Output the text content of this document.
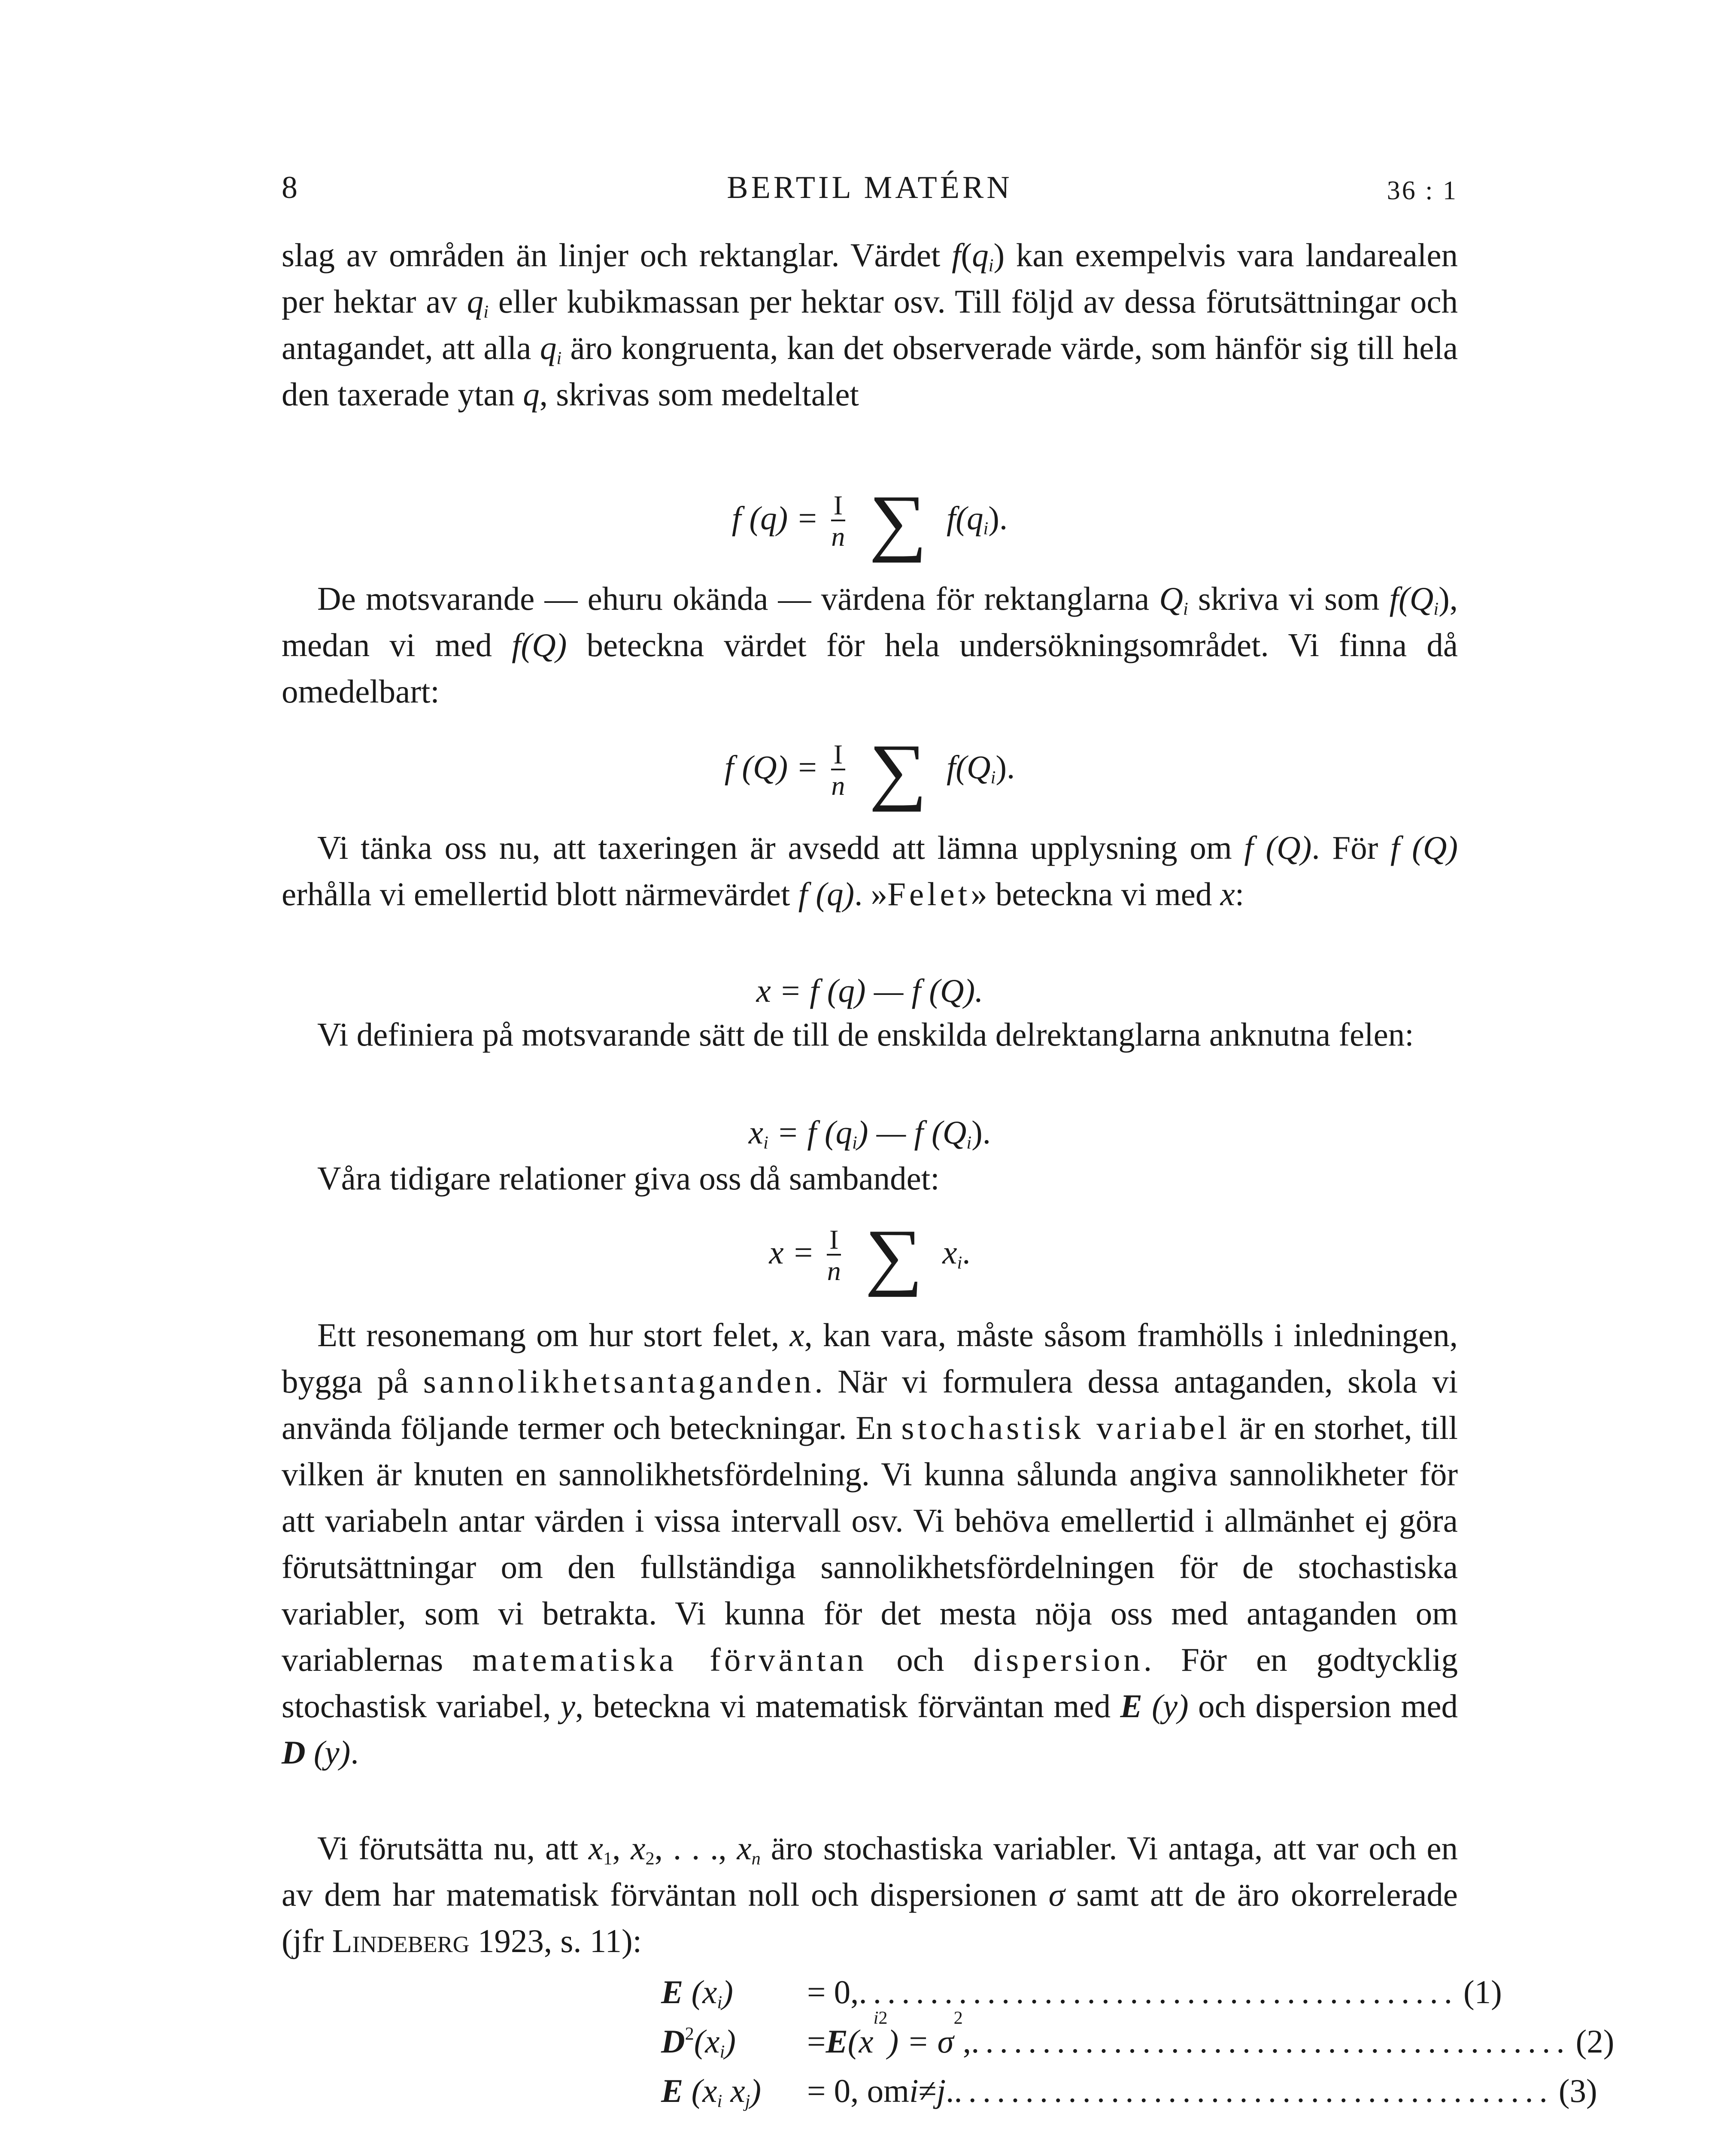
8	BERTIL MATÉRN	36 : 1

slag av områden än linjer och rektanglar. Värdet $f(q_i)$ kan exempelvis vara landarealen per hektar av $q_i$ eller kubikmassan per hektar osv. Till följd av dessa förutsättningar och antagandet, att alla $q_i$ äro kongruenta, kan det observerade värde, som hänför sig till hela den taxerade ytan q, skrivas som medeltalet

f $(q) = \frac{I}{n}$ ∑ $f(q_i)$.

De motsvarande — ehuru okända — värdena för rektanglarna $Q_i$ skriva vi som $f(Q_i)$, medan vi med f(Q) beteckna värdet för hela undersökningsområdet. Vi finna då omedelbart:

f $(Q) = \frac{I}{n}$ ∑ $f(Q_i)$.

Vi tänka oss nu, att taxeringen är avsedd att lämna upplysning om f (Q). För f (Q) erhålla vi emellertid blott närmevärdet f (q). »Felet» beteckna vi med x:

x = f (q) — f (Q).

Vi definiera på motsvarande sätt de till de enskilda delrektanglarna anknutna felen:

$x_i = f$ $(q_i)$ — f $(Q_i)$.

Våra tidigare relationer giva oss då sambandet:

$x = \frac{I}{n}$ ∑ $x_i$.

Ett resonemang om hur stort felet, x, kan vara, måste såsom framhölls i inledningen, bygga på sannolikhetsantaganden. När vi formulera dessa antaganden, skola vi använda följande termer och beteckningar. En stochastisk variabel är en storhet, till vilken är knuten en sannolikhetsfördelning. Vi kunna sålunda angiva sannolikheter för att variabeln antar värden i vissa intervall osv. Vi behöva emellertid i allmänhet ej göra förutsättningar om den fullständiga sannolikhetsfördelningen för de stochastiska variabler, som vi betrakta. Vi kunna för det mesta nöja oss med antaganden om variablernas matematiska förväntan och dispersion. För en godtycklig stochastisk variabel, y, beteckna vi matematisk förväntan med E (y) och dispersion med D (y).

Vi förutsätta nu, att $x_1$, $x_2$, . . ., $x_n$ äro stochastiska variabler. Vi antaga, att var och en av dem har matematisk förväntan noll och dispersionen σ samt att de äro okorrelerade (jfr Lindeberg 1923, s. 11):

E $(x_i) = 0$, .......................................... (1)
$D^2(x_i) = E$ (x
i 2
) = σ
2
, .......................................... (2)
E ($x_i$ $x_j) = 0$, om i ≠ j . .......................................... (3)
